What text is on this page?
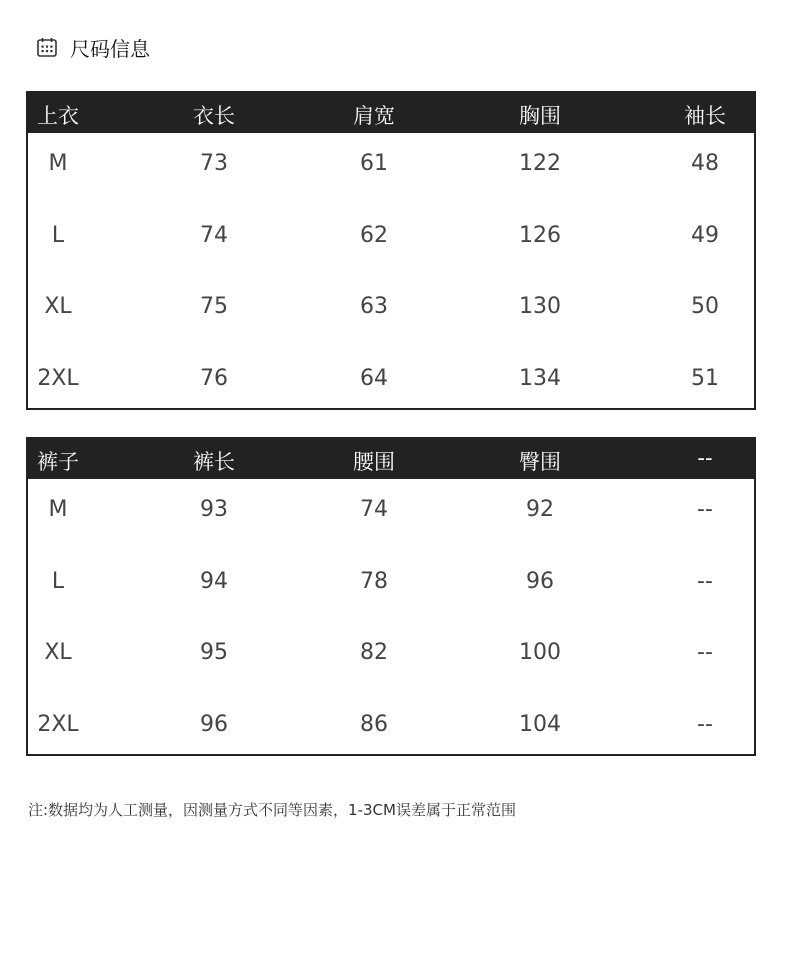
尺码信息
上衣	衣长	肩宽	胸围	袖长
M	73	61	122	48
L	74	62	126	49
XL	75	63	130	50
2XL	76	64	134	51
裤子	裤长	腰围	臀围	--
M	93	74	92	--
L	94	78	96	--
XL	95	82	100	--
2XL	96	86	104	--
注:数据均为人工测量，因测量方式不同等因素，1-3CM误差属于正常范围
